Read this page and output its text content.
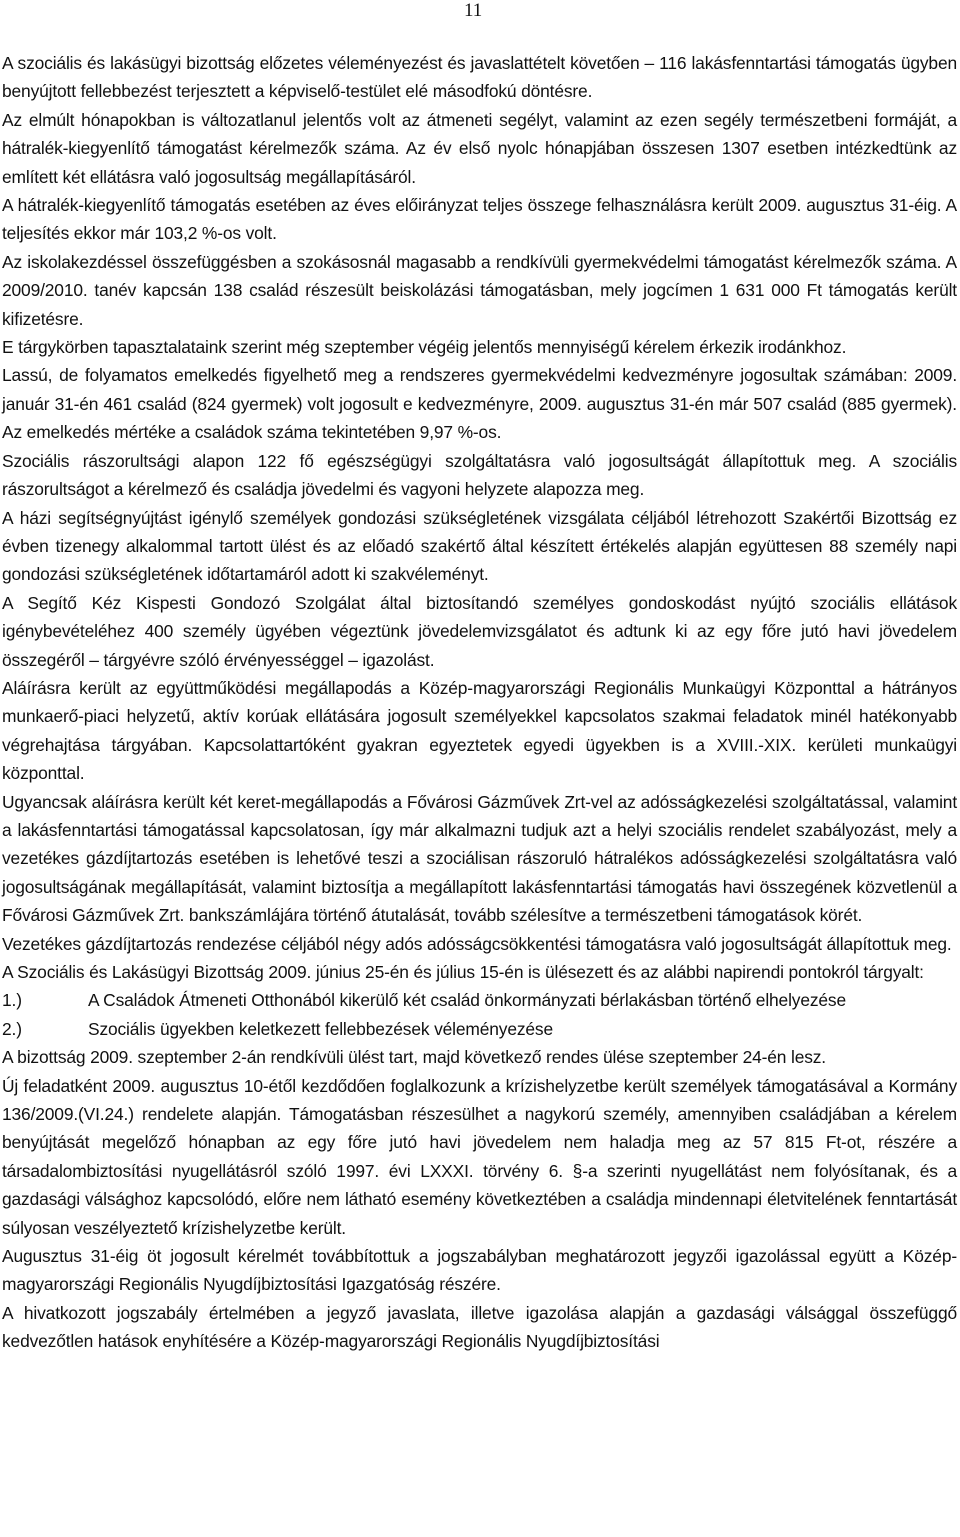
11

A szociális és lakásügyi bizottság előzetes véleményezést és javaslattételt követően – 116 lakásfenntartási támogatás ügyben benyújtott fellebbezést terjesztett a képviselő-testület elé másodfokú döntésre.

Az elmúlt hónapokban is változatlanul jelentős volt az átmeneti segélyt, valamint az ezen segély természetbeni formáját, a hátralék-kiegyenlítő támogatást kérelmezők száma. Az év első nyolc hónapjában összesen 1307 esetben intézkedtünk az említett két ellátásra való jogosultság megállapításáról.

A hátralék-kiegyenlítő támogatás esetében az éves előirányzat teljes összege felhasználásra került 2009. augusztus 31-éig. A teljesítés ekkor már 103,2 %-os volt.

Az iskolakezdéssel összefüggésben a szokásosnál magasabb a rendkívüli gyermekvédelmi támogatást kérelmezők száma. A 2009/2010. tanév kapcsán 138 család részesült beiskolázási támogatásban, mely jogcímen 1 631 000 Ft támogatás került kifizetésre.

E tárgykörben tapasztalataink szerint még szeptember végéig jelentős mennyiségű kérelem érkezik irodánkhoz.

Lassú, de folyamatos emelkedés figyelhető meg a rendszeres gyermekvédelmi kedvezményre jogosultak számában: 2009. január 31-én 461 család (824 gyermek) volt jogosult e kedvezményre, 2009. augusztus 31-én már 507 család (885 gyermek). Az emelkedés mértéke a családok száma tekintetében 9,97 %-os.

Szociális rászorultsági alapon 122 fő egészségügyi szolgáltatásra való jogosultságát állapítottuk meg. A szociális rászorultságot a kérelmező és családja jövedelmi és vagyoni helyzete alapozza meg.

A házi segítségnyújtást igénylő személyek gondozási szükségletének vizsgálata céljából létrehozott Szakértői Bizottság ez évben tizenegy alkalommal tartott ülést és az előadó szakértő által készített értékelés alapján együttesen 88 személy napi gondozási szükségletének időtartamáról adott ki szakvéleményt.

A Segítő Kéz Kispesti Gondozó Szolgálat által biztosítandó személyes gondoskodást nyújtó szociális ellátások igénybevételéhez 400 személy ügyében végeztünk jövedelemvizsgálatot és adtunk ki az egy főre jutó havi jövedelem összegéről – tárgyévre szóló érvényességgel – igazolást.

Aláírásra került az együttműködési megállapodás a Közép-magyarországi Regionális Munkaügyi Központtal a hátrányos munkaerő-piaci helyzetű, aktív korúak ellátására jogosult személyekkel kapcsolatos szakmai feladatok minél hatékonyabb végrehajtása tárgyában. Kapcsolattartóként gyakran egyeztetek egyedi ügyekben is a XVIII.-XIX. kerületi munkaügyi központtal.

Ugyancsak aláírásra került két keret-megállapodás a Fővárosi Gázművek Zrt-vel az adósságkezelési szolgáltatással, valamint a lakásfenntartási támogatással kapcsolatosan, így már alkalmazni tudjuk azt a helyi szociális rendelet szabályozást, mely a vezetékes gázdíjtartozás esetében is lehetővé teszi a szociálisan rászoruló hátralékos adósságkezelési szolgáltatásra való jogosultságának megállapítását, valamint biztosítja a megállapított lakásfenntartási támogatás havi összegének közvetlenül a Fővárosi Gázművek Zrt. bankszámlájára történő átutalását, tovább szélesítve a természetbeni támogatások körét.

Vezetékes gázdíjtartozás rendezése céljából négy adós adósságcsökkentési támogatásra való jogosultságát állapítottuk meg.

A Szociális és Lakásügyi Bizottság 2009. június 25-én és július 15-én is ülésezett és az alábbi napirendi pontokról tárgyalt:

1.)	A Családok Átmeneti Otthonából kikerülő két család önkormányzati bérlakásban történő elhelyezése
2.)	Szociális ügyekben keletkezett fellebbezések véleményezése

A bizottság 2009. szeptember 2-án rendkívüli ülést tart, majd következő rendes ülése szeptember 24-én lesz.

Új feladatként 2009. augusztus 10-étől kezdődően foglalkozunk a krízishelyzetbe került személyek támogatásával a Kormány 136/2009.(VI.24.) rendelete alapján. Támogatásban részesülhet a nagykorú személy, amennyiben családjában a kérelem benyújtását megelőző hónapban az egy főre jutó havi jövedelem nem haladja meg az 57 815 Ft-ot, részére a társadalombiztosítási nyugellátásról szóló 1997. évi LXXXI. törvény 6. §-a szerinti nyugellátást nem folyósítanak, és a gazdasági válsághoz kapcsolódó, előre nem látható esemény következtében a családja mindennapi életvitelének fenntartását súlyosan veszélyeztető krízishelyzetbe került.

Augusztus 31-éig öt jogosult kérelmét továbbítottuk a jogszabályban meghatározott jegyzői igazolással együtt a Közép-magyarországi Regionális Nyugdíjbiztosítási Igazgatóság részére.

A hivatkozott jogszabály értelmében a jegyző javaslata, illetve igazolása alapján a gazdasági válsággal összefüggő kedvezőtlen hatások enyhítésére a Közép-magyarországi Regionális Nyugdíjbiztosítási
